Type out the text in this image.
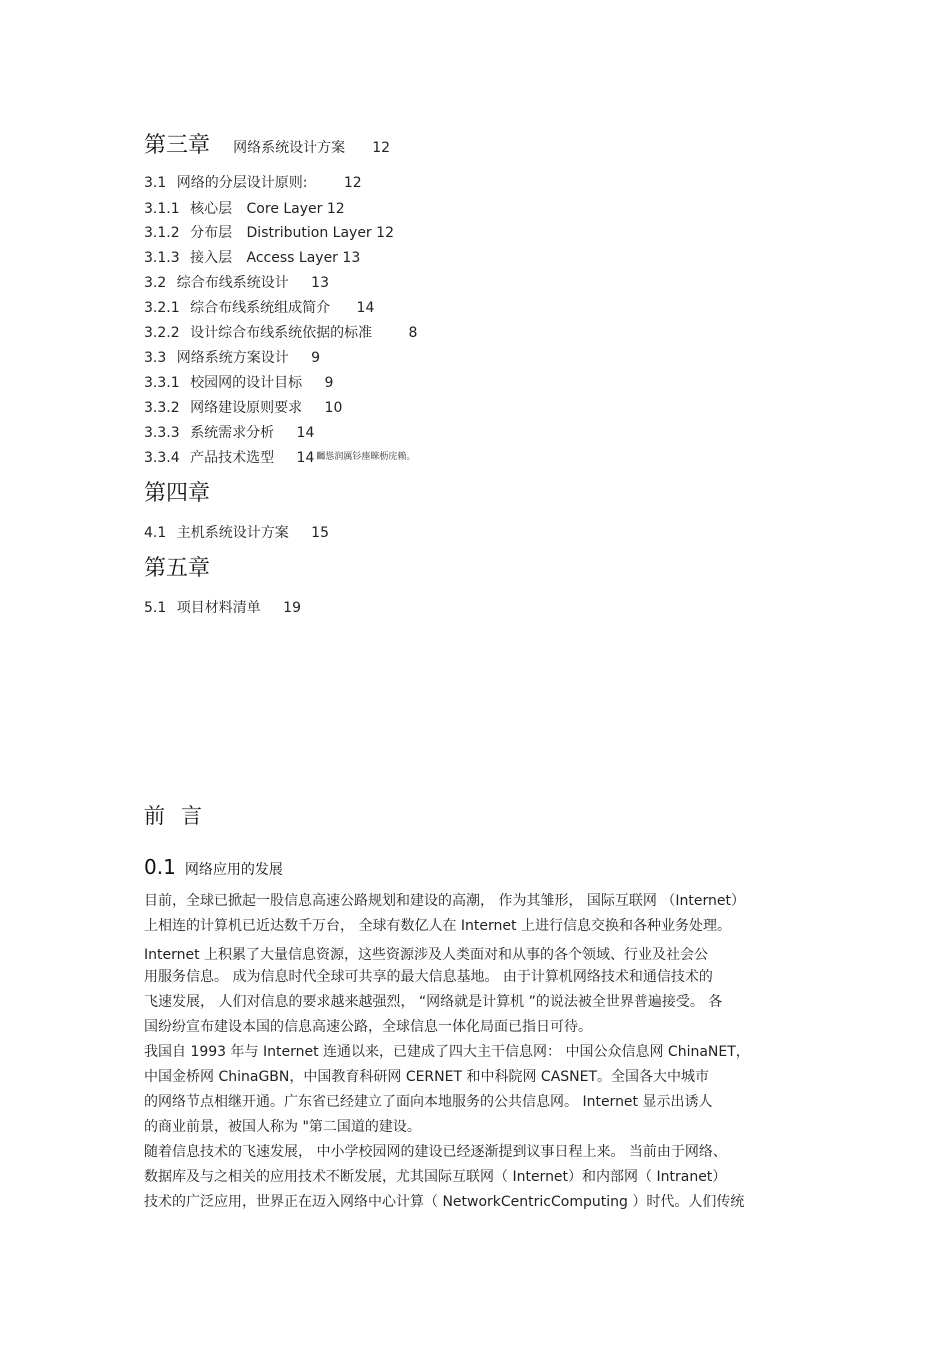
第三章 网络系统设计方案 12
3.1 网络的分层设计原则:	12
3.1.1 核心层 Core Layer 12
3.1.2 分布层 Distribution Layer 12
3.1.3 接入层 Access Layer 13
3.2 综合布线系统设计 13
3.2.1 综合布线系统组成简介 14
3.2.2 设计综合布线系统依据的标准	8
3.3 网络系统方案设计 9
3.3.1 校园网的设计目标 9
3.3.2 网络建设原则要求 10
3.3.3 系统需求分析 14
3.3.4 产品技术选型 14 $^{矚慫润厲钐瘗睞枥庑赖。}$
第四章
4.1 主机系统设计方案 15
第五章
5.1 项目材料清单 19
前言
0.1 网络应用的发展
目前，全球已掀起一股信息高速公路规划和建设的高潮， 作为其雏形， 国际互联网 （Internet）
上相连的计算机已近达数千万台， 全球有数亿人在 Internet 上进行信息交换和各种业务处理。
Internet 上积累了大量信息资源，这些资源涉及人类面对和从事的各个领域、行业及社会公
用服务信息。 成为信息时代全球可共享的最大信息基地。 由于计算机网络技术和通信技术的
飞速发展， 人们对信息的要求越来越强烈， “网络就是计算机 ”的说法被全世界普遍接受。 各
国纷纷宣布建设本国的信息高速公路，全球信息一体化局面已指日可待。
我国自 1993 年与 Internet 连通以来，已建成了四大主干信息网： 中国公众信息网 ChinaNET，
中国金桥网 ChinaGBN，中国教育科研网 CERNET 和中科院网 CASNET。全国各大中城市
的网络节点相继开通。广东省已经建立了面向本地服务的公共信息网。 Internet 显示出诱人
的商业前景，被国人称为 "第二国道的建设。
随着信息技术的飞速发展， 中小学校园网的建设已经逐渐提到议事日程上来。 当前由于网络、
数据库及与之相关的应用技术不断发展，尤其国际互联网（ Internet）和内部网（ Intranet）
技术的广泛应用，世界正在迈入网络中心计算（ NetworkCentricComputing ）时代。人们传统
